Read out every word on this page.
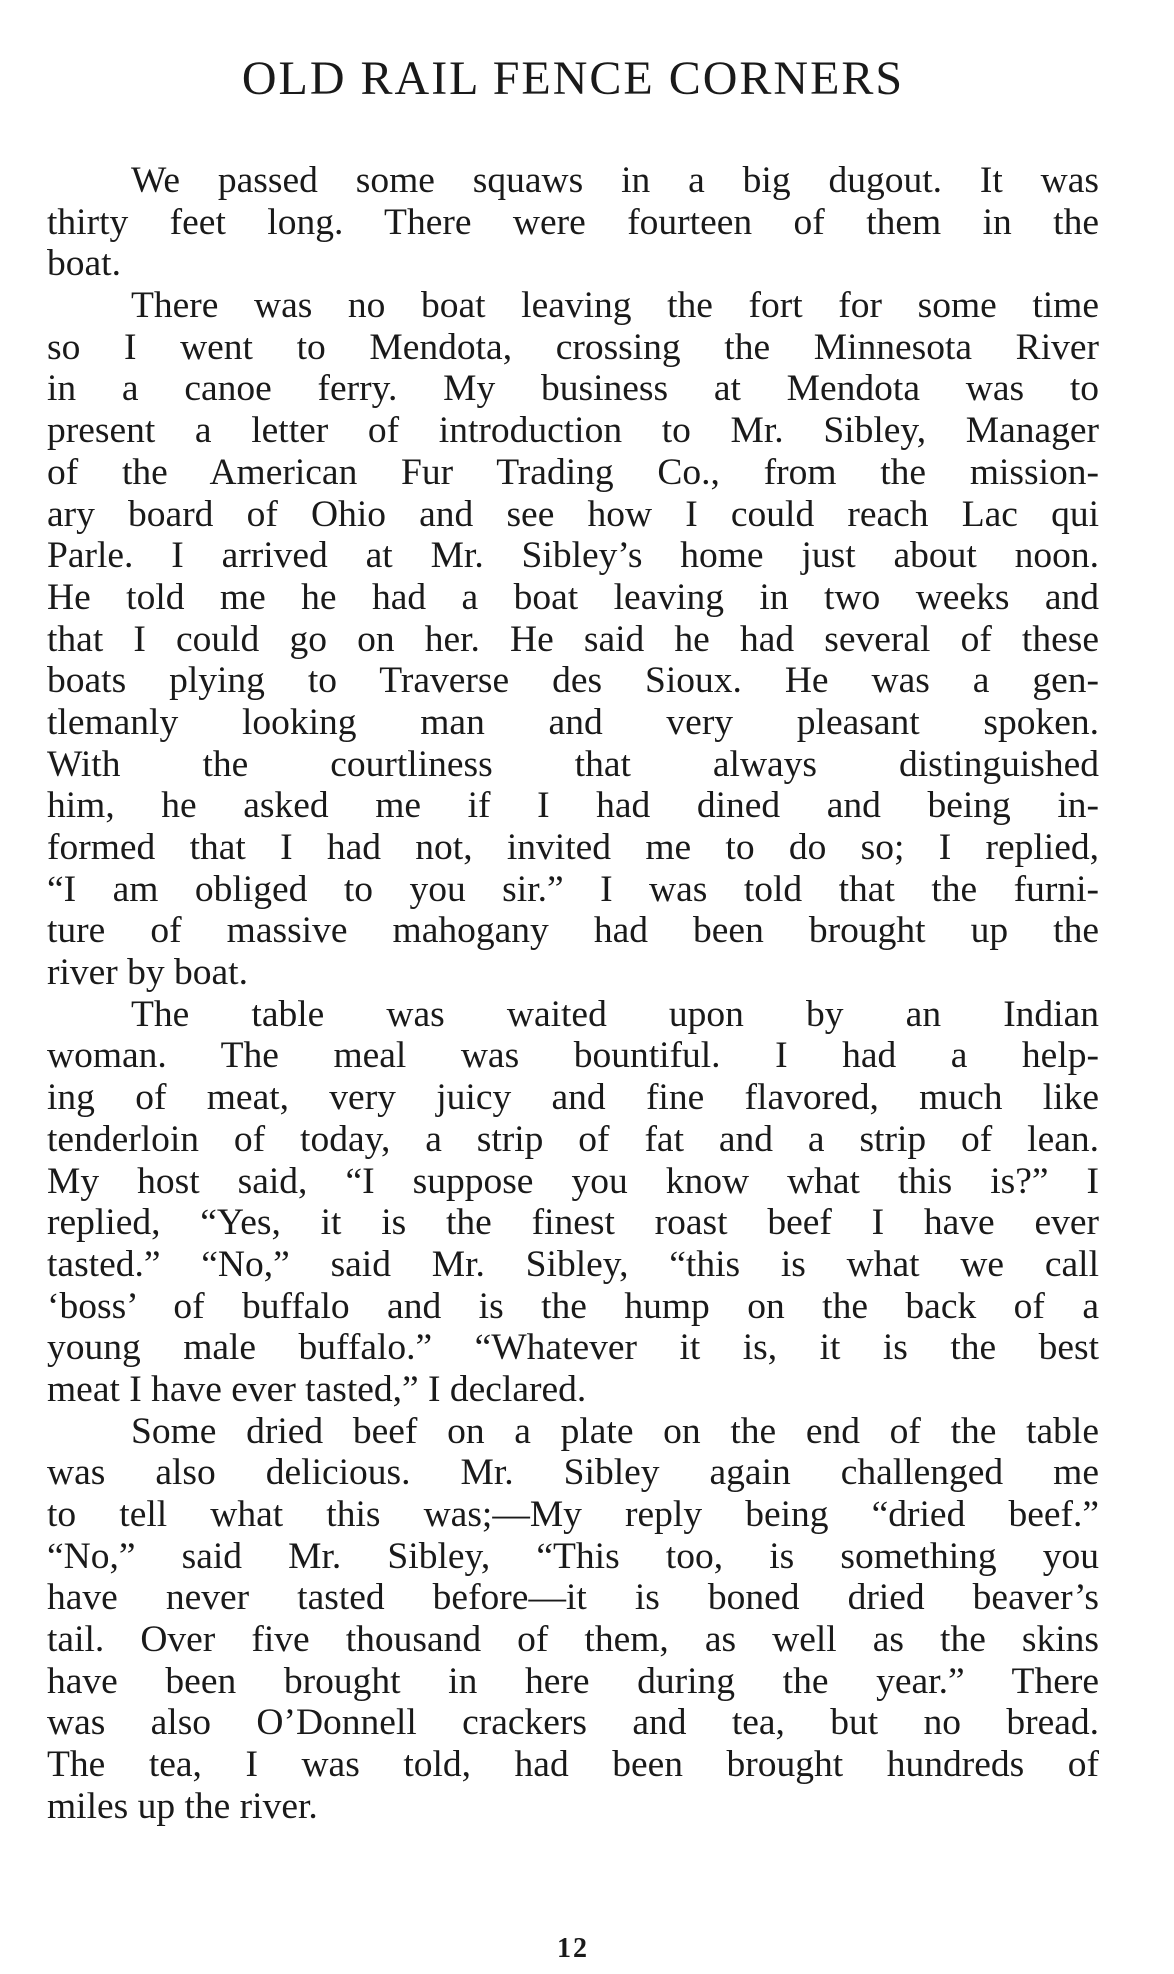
OLD RAIL FENCE CORNERS
We passed some squaws in a big dugout. It was
thirty feet long. There were fourteen of them in the
boat.
There was no boat leaving the fort for some time
so I went to Mendota, crossing the Minnesota River
in a canoe ferry. My business at Mendota was to
present a letter of introduction to Mr. Sibley, Manager
of the American Fur Trading Co., from the mission-
ary board of Ohio and see how I could reach Lac qui
Parle. I arrived at Mr. Sibley’s home just about noon.
He told me he had a boat leaving in two weeks and
that I could go on her. He said he had several of these
boats plying to Traverse des Sioux. He was a gen-
tlemanly looking man and very pleasant spoken.
With the courtliness that always distinguished
him, he asked me if I had dined and being in-
formed that I had not, invited me to do so; I replied,
“I am obliged to you sir.” I was told that the furni-
ture of massive mahogany had been brought up the
river by boat.
The table was waited upon by an Indian
woman. The meal was bountiful. I had a help-
ing of meat, very juicy and fine flavored, much like
tenderloin of today, a strip of fat and a strip of lean.
My host said, “I suppose you know what this is?” I
replied, “Yes, it is the finest roast beef I have ever
tasted.” “No,” said Mr. Sibley, “this is what we call
‘boss’ of buffalo and is the hump on the back of a
young male buffalo.” “Whatever it is, it is the best
meat I have ever tasted,” I declared.
Some dried beef on a plate on the end of the table
was also delicious. Mr. Sibley again challenged me
to tell what this was;—My reply being “dried beef.”
“No,” said Mr. Sibley, “This too, is something you
have never tasted before—it is boned dried beaver’s
tail. Over five thousand of them, as well as the skins
have been brought in here during the year.” There
was also O’Donnell crackers and tea, but no bread.
The tea, I was told, had been brought hundreds of
miles up the river.
12
